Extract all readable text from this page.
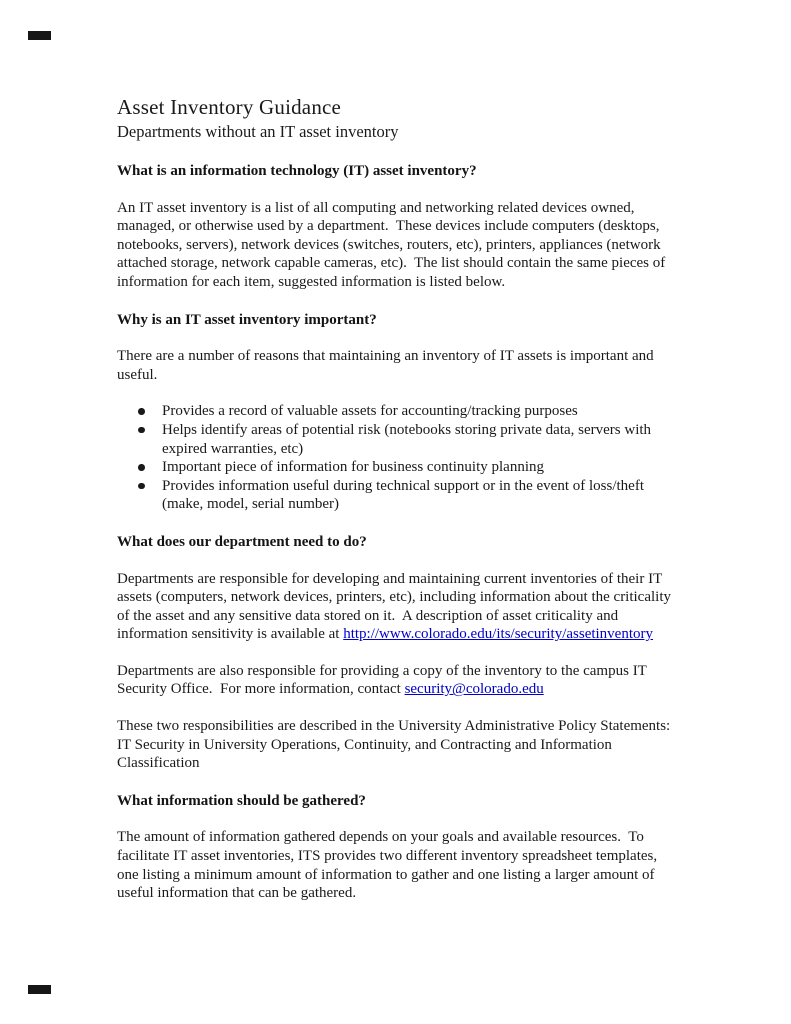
Asset Inventory Guidance
Departments without an IT asset inventory
What is an information technology (IT) asset inventory?

An IT asset inventory is a list of all computing and networking related devices owned, managed, or otherwise used by a department.  These devices include computers (desktops, notebooks, servers), network devices (switches, routers, etc), printers, appliances (network attached storage, network capable cameras, etc).  The list should contain the same pieces of information for each item, suggested information is listed below.

Why is an IT asset inventory important?

There are a number of reasons that maintaining an inventory of IT assets is important and useful.

Provides a record of valuable assets for accounting/tracking purposes
Helps identify areas of potential risk (notebooks storing private data, servers with expired warranties, etc)
Important piece of information for business continuity planning
Provides information useful during technical support or in the event of loss/theft (make, model, serial number)
What does our department need to do?

Departments are responsible for developing and maintaining current inventories of their IT assets (computers, network devices, printers, etc), including information about the criticality of the asset and any sensitive data stored on it.  A description of asset criticality and information sensitivity is available at http://www.colorado.edu/its/security/assetinventory

Departments are also responsible for providing a copy of the inventory to the campus IT Security Office.  For more information, contact security@colorado.edu

These two responsibilities are described in the University Administrative Policy Statements:  IT Security in University Operations, Continuity, and Contracting and Information Classification

What information should be gathered?

The amount of information gathered depends on your goals and available resources.  To facilitate IT asset inventories, ITS provides two different inventory spreadsheet templates, one listing a minimum amount of information to gather and one listing a larger amount of useful information that can be gathered.
